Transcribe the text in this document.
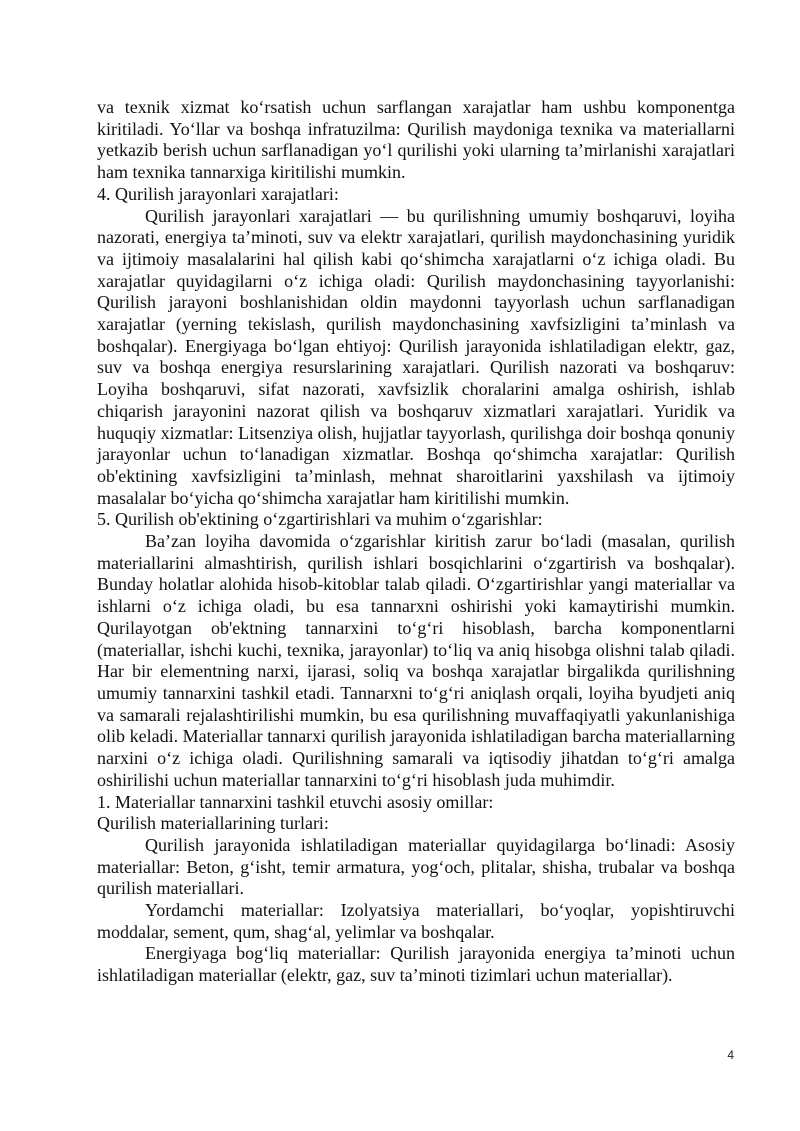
va texnik xizmat ko‘rsatish uchun sarflangan xarajatlar ham ushbu komponentga kiritiladi. Yo‘llar va boshqa infratuzilma: Qurilish maydoniga texnika va materiallarni yetkazib berish uchun sarflanadigan yo‘l qurilishi yoki ularning ta’mirlanishi xarajatlari ham texnika tannarxiga kiritilishi mumkin.

4. Qurilish jarayonlari xarajatlari:

Qurilish jarayonlari xarajatlari — bu qurilishning umumiy boshqaruvi, loyiha nazorati, energiya ta’minoti, suv va elektr xarajatlari, qurilish maydonchasining yuridik va ijtimoiy masalalarini hal qilish kabi qo‘shimcha xarajatlarni o‘z ichiga oladi. Bu xarajatlar quyidagilarni o‘z ichiga oladi: Qurilish maydonchasining tayyorlanishi: Qurilish jarayoni boshlanishidan oldin maydonni tayyorlash uchun sarflanadigan xarajatlar (yerning tekislash, qurilish maydonchasining xavfsizligini ta’minlash va boshqalar). Energiyaga bo‘lgan ehtiyoj: Qurilish jarayonida ishlatiladigan elektr, gaz, suv va boshqa energiya resurslarining xarajatlari. Qurilish nazorati va boshqaruv: Loyiha boshqaruvi, sifat nazorati, xavfsizlik choralarini amalga oshirish, ishlab chiqarish jarayonini nazorat qilish va boshqaruv xizmatlari xarajatlari. Yuridik va huquqiy xizmatlar: Litsenziya olish, hujjatlar tayyorlash, qurilishga doir boshqa qonuniy jarayonlar uchun to‘lanadigan xizmatlar. Boshqa qo‘shimcha xarajatlar: Qurilish ob'ektining xavfsizligini ta’minlash, mehnat sharoitlarini yaxshilash va ijtimoiy masalalar bo‘yicha qo‘shimcha xarajatlar ham kiritilishi mumkin.

5. Qurilish ob'ektining o‘zgartirishlari va muhim o‘zgarishlar:

Ba’zan loyiha davomida o‘zgarishlar kiritish zarur bo‘ladi (masalan, qurilish materiallarini almashtirish, qurilish ishlari bosqichlarini o‘zgartirish va boshqalar). Bunday holatlar alohida hisob-kitoblar talab qiladi. O‘zgartirishlar yangi materiallar va ishlarni o‘z ichiga oladi, bu esa tannarxni oshirishi yoki kamaytirishi mumkin. Qurilayotgan ob'ektning tannarxini to‘g‘ri hisoblash, barcha komponentlarni (materiallar, ishchi kuchi, texnika, jarayonlar) to‘liq va aniq hisobga olishni talab qiladi. Har bir elementning narxi, ijarasi, soliq va boshqa xarajatlar birgalikda qurilishning umumiy tannarxini tashkil etadi. Tannarxni to‘g‘ri aniqlash orqali, loyiha byudjeti aniq va samarali rejalashtirilishi mumkin, bu esa qurilishning muvaffaqiyatli yakunlanishiga olib keladi. Materiallar tannarxi qurilish jarayonida ishlatiladigan barcha materiallarning narxini o‘z ichiga oladi. Qurilishning samarali va iqtisodiy jihatdan to‘g‘ri amalga oshirilishi uchun materiallar tannarxini to‘g‘ri hisoblash juda muhimdir.

1. Materiallar tannarxini tashkil etuvchi asosiy omillar:

Qurilish materiallarining turlari:

Qurilish jarayonida ishlatiladigan materiallar quyidagilarga bo‘linadi: Asosiy materiallar: Beton, g‘isht, temir armatura, yog‘och, plitalar, shisha, trubalar va boshqa qurilish materiallari.

Yordamchi materiallar: Izolyatsiya materiallari, bo‘yoqlar, yopishtiruvchi moddalar, sement, qum, shag‘al, yelimlar va boshqalar.

Energiyaga bog‘liq materiallar: Qurilish jarayonida energiya ta’minoti uchun ishlatiladigan materiallar (elektr, gaz, suv ta’minoti tizimlari uchun materiallar).

4
